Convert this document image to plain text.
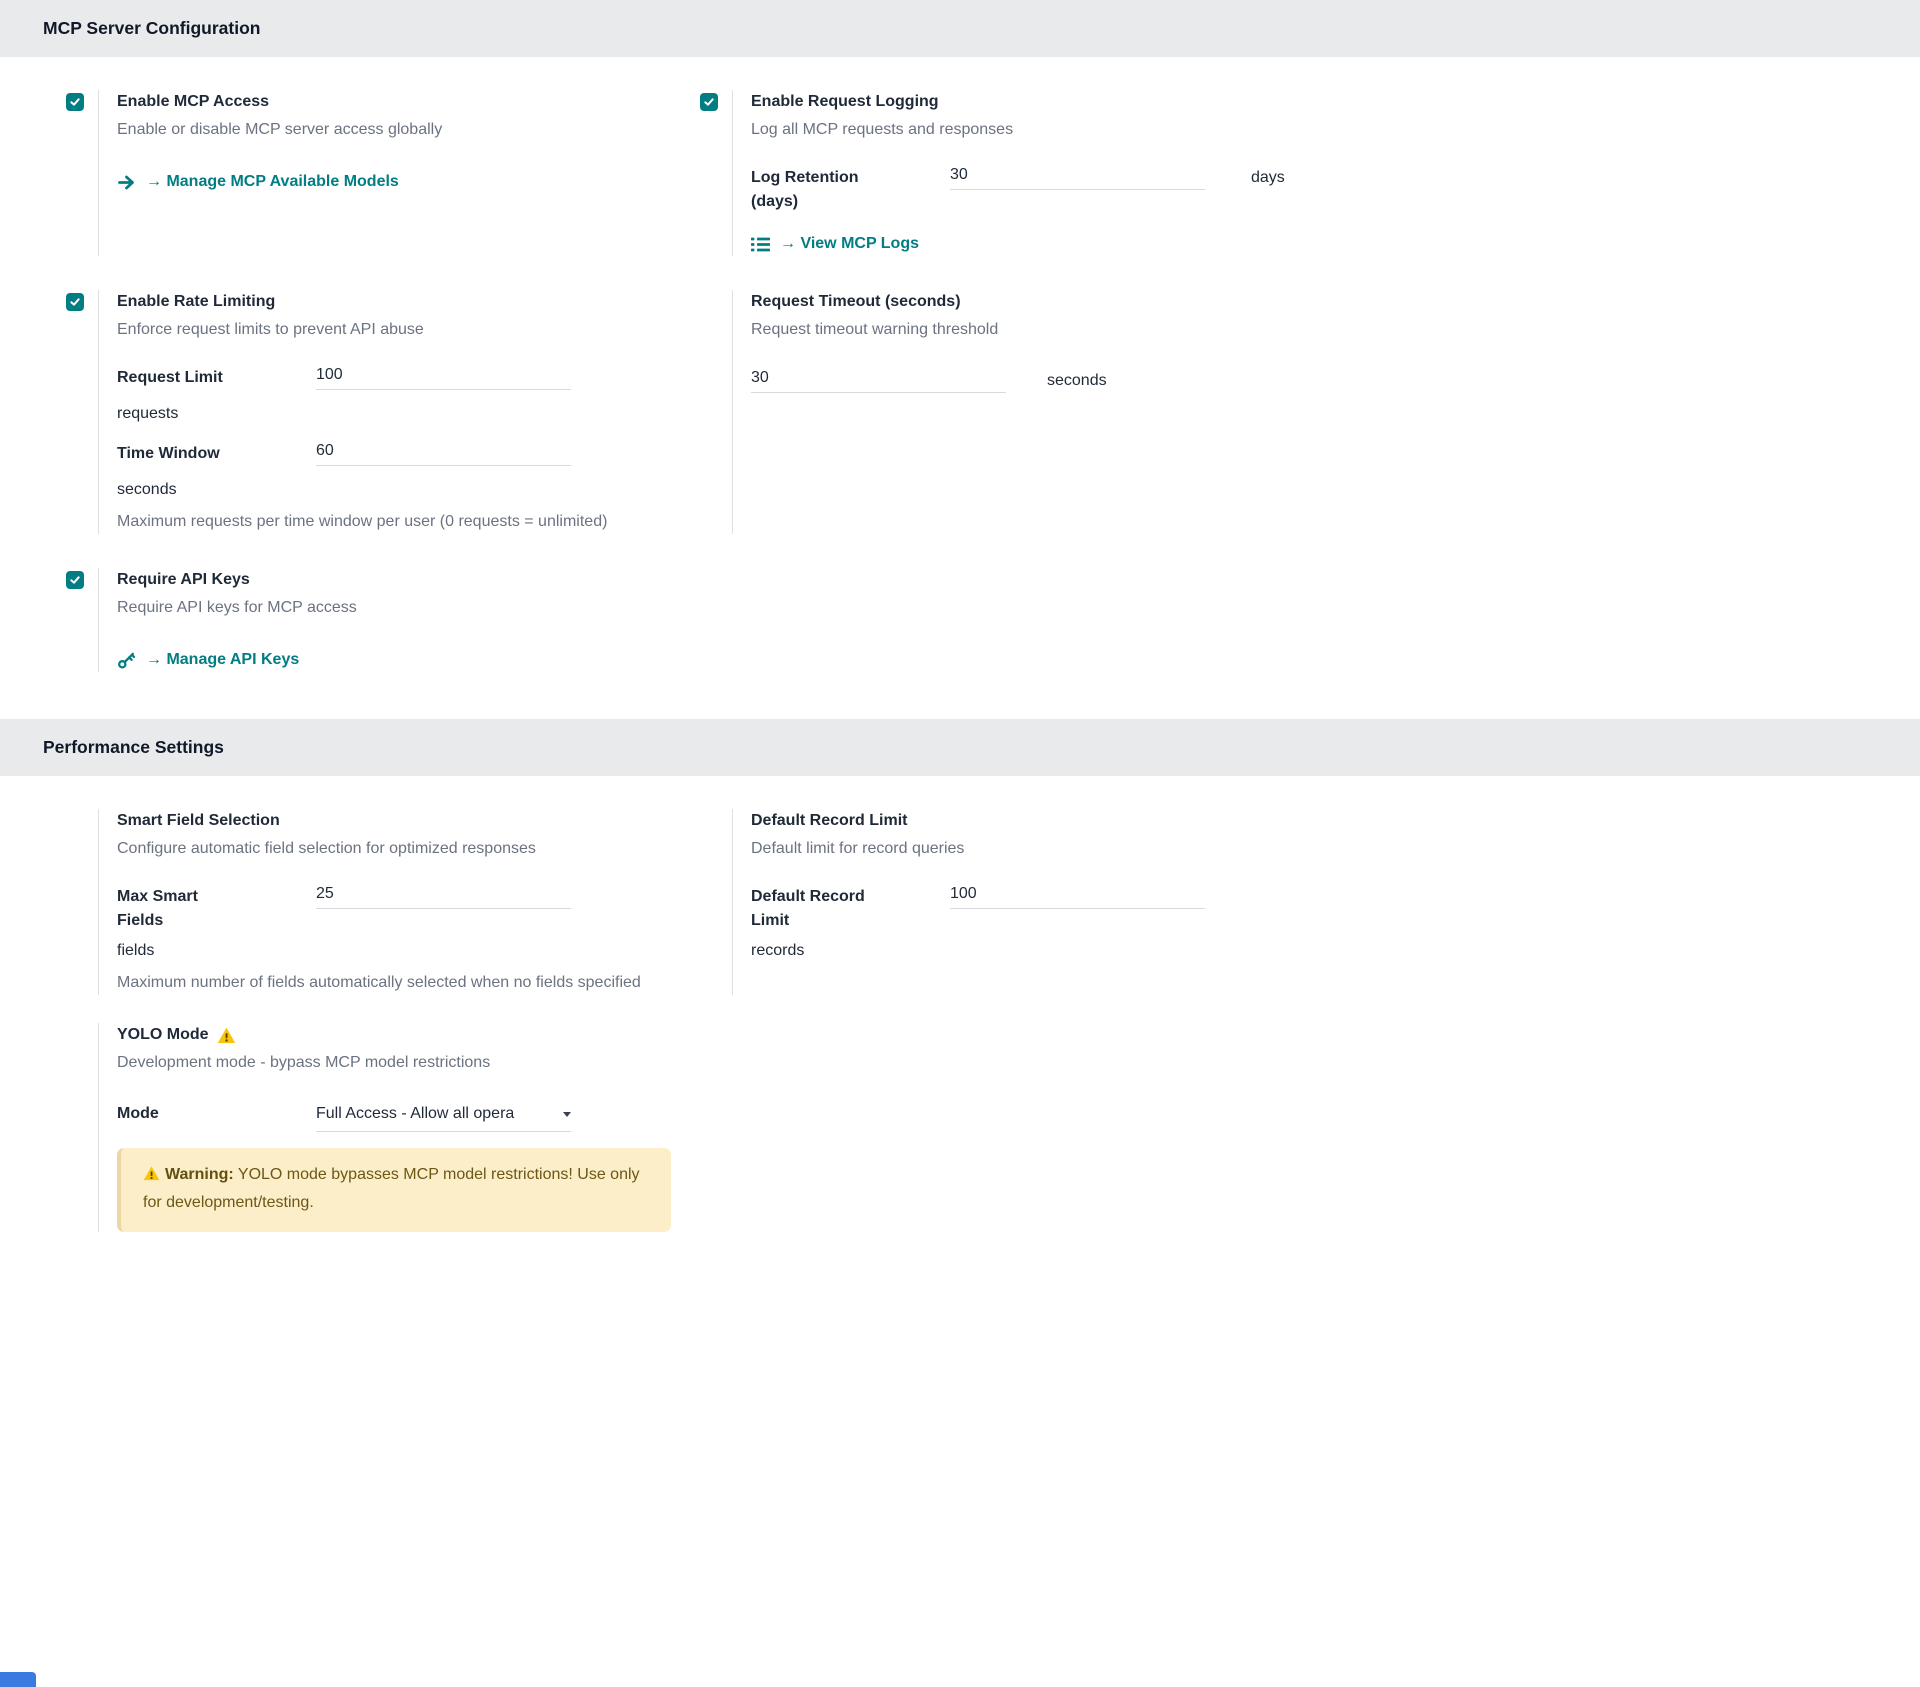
MCP Server Configuration
Enable MCP Access
Enable or disable MCP server access globally
→ Manage MCP Available Models
Enable Request Logging
Log all MCP requests and responses
Log Retention (days)
30
days
→ View MCP Logs
Enable Rate Limiting
Enforce request limits to prevent API abuse
Request Limit
100
requests
Time Window
60
seconds
Maximum requests per time window per user (0 requests = unlimited)
Request Timeout (seconds)
Request timeout warning threshold
30
seconds
Require API Keys
Require API keys for MCP access
→ Manage API Keys
Performance Settings
Smart Field Selection
Configure automatic field selection for optimized responses
Max Smart Fields
25
fields
Maximum number of fields automatically selected when no fields specified
Default Record Limit
Default limit for record queries
Default Record Limit
100
records
YOLO Mode
Development mode - bypass MCP model restrictions
Mode	Full Access - Allow all opera
Warning: YOLO mode bypasses MCP model restrictions! Use only for development/testing.
